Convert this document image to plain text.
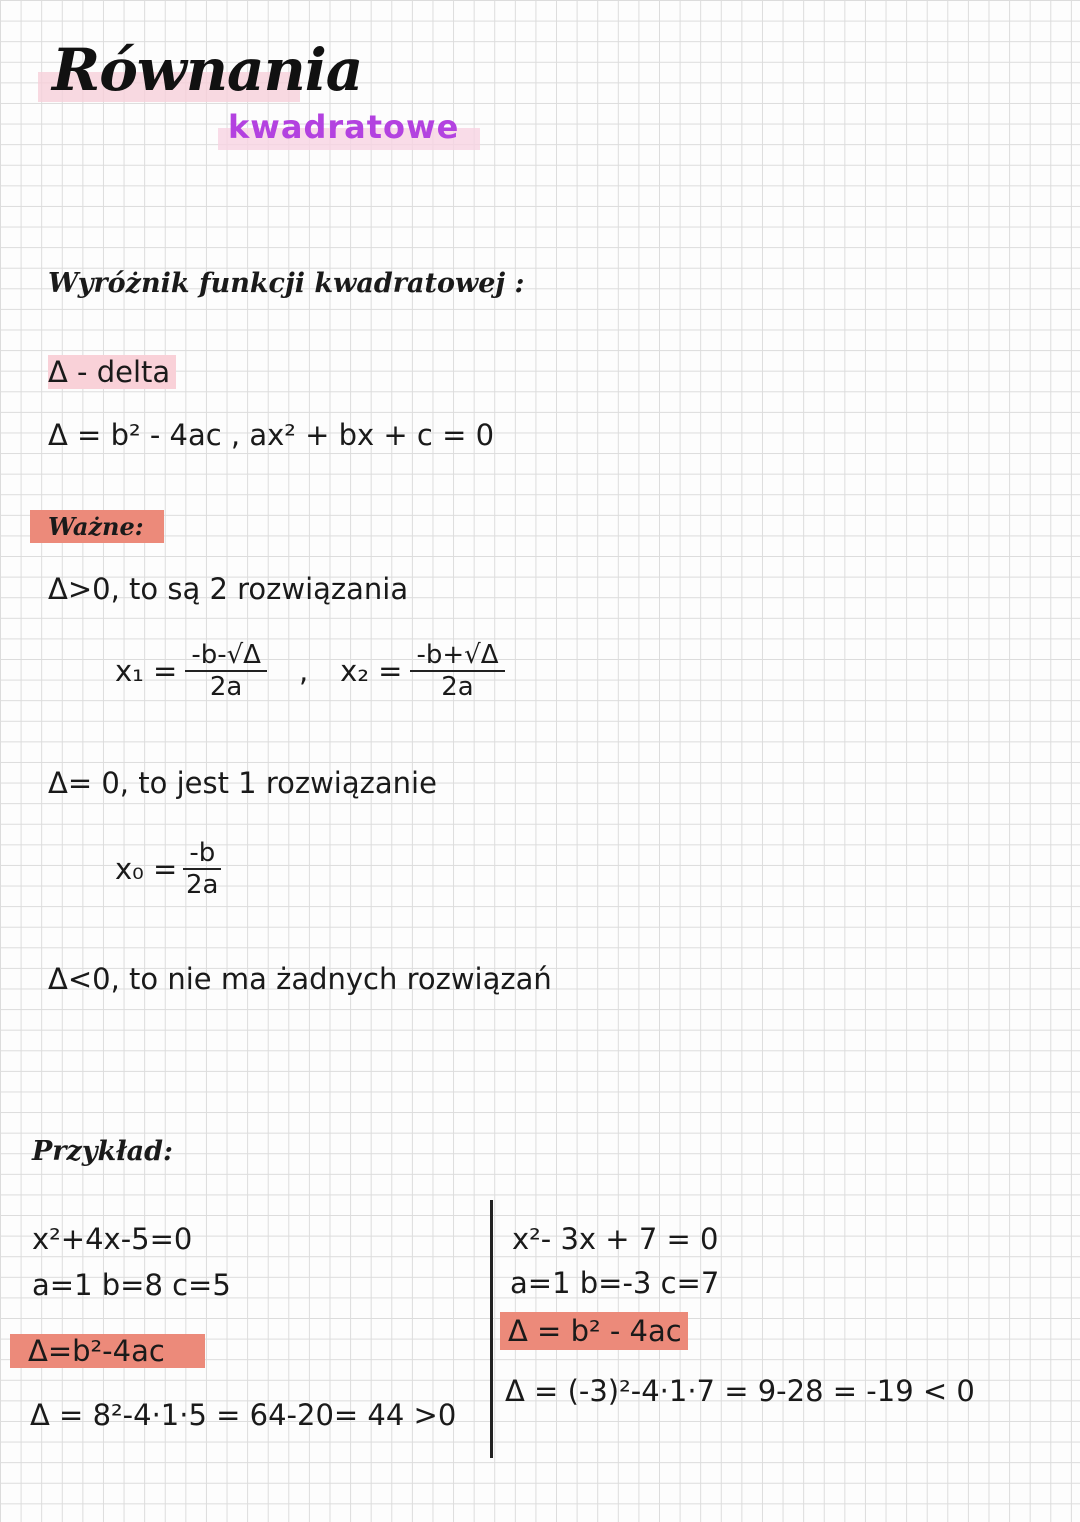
Równania
kwadratowe
Wyróżnik funkcji kwadratowej :
Δ - delta
Δ = b² - 4ac , ax² + bx + c = 0
Ważne:
Δ>0, to są 2 rozwiązania
$x_1 = \frac{-b-√\Delta}{2a}$ , $x_2 = \frac{-b+√\Delta}{2a}$
Δ= 0, to jest 1 rozwiązanie
$x_0 = \frac{-b}{2a}$
Δ<0, to nie ma żadnych rozwiązań
Przykład:
x²+4x-5=0
a=1 b=8 c=5
Δ=b²-4ac
Δ = 8²-4·1·5 = 64-20= 44 >0
x²- 3x + 7 = 0
a=1 b=-3 c=7
Δ = b² - 4ac
Δ = (-3)²-4·1·7 = 9-28 = -19 < 0
